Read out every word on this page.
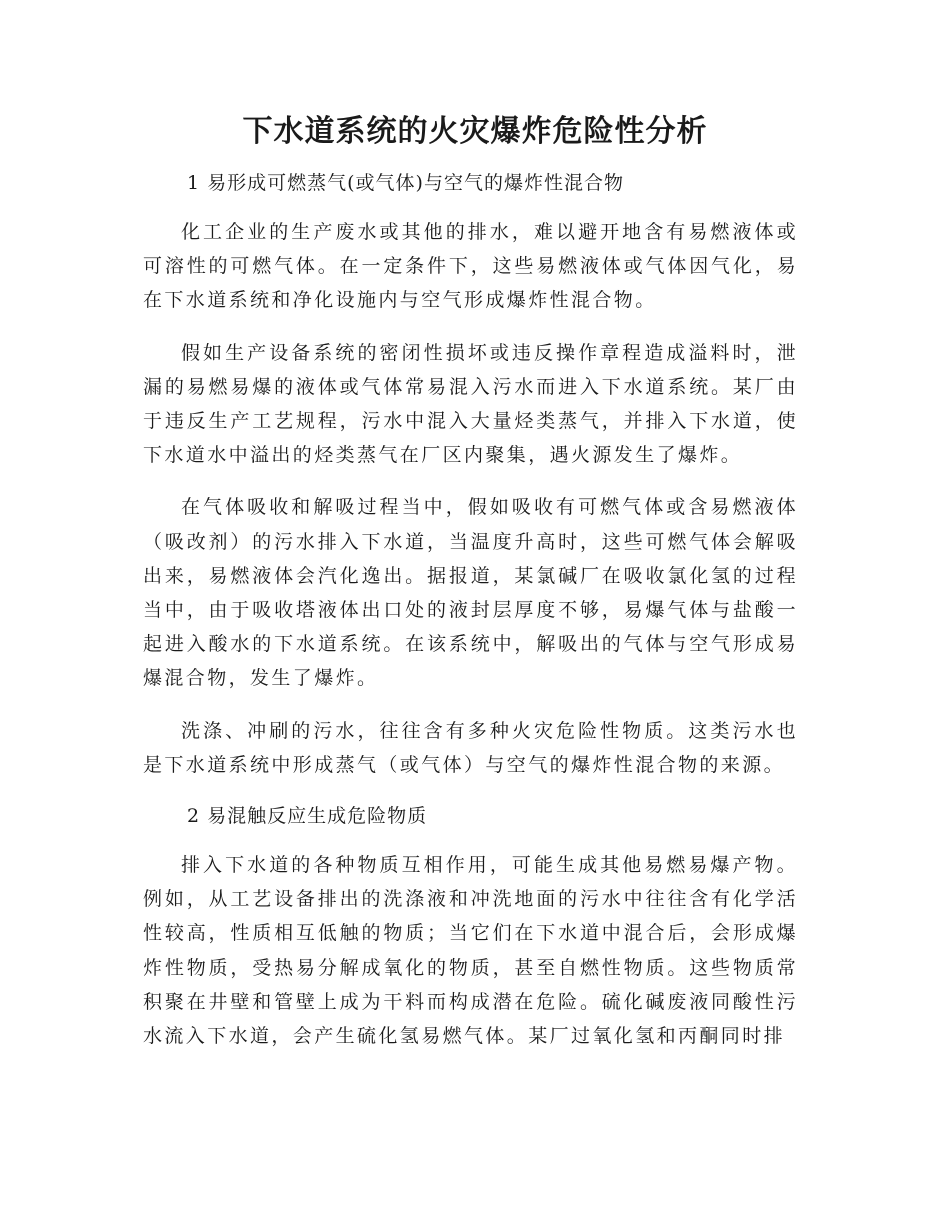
下水道系统的火灾爆炸危险性分析

1 易形成可燃蒸气(或气体)与空气的爆炸性混合物

化工企业的生产废水或其他的排水，难以避开地含有易燃液体或可溶性的可燃气体。在一定条件下，这些易燃液体或气体因气化，易在下水道系统和净化设施内与空气形成爆炸性混合物。

假如生产设备系统的密闭性损坏或违反操作章程造成溢料时，泄漏的易燃易爆的液体或气体常易混入污水而进入下水道系统。某厂由于违反生产工艺规程，污水中混入大量烃类蒸气，并排入下水道，使下水道水中溢出的烃类蒸气在厂区内聚集，遇火源发生了爆炸。

在气体吸收和解吸过程当中，假如吸收有可燃气体或含易燃液体（吸改剂）的污水排入下水道，当温度升高时，这些可燃气体会解吸出来，易燃液体会汽化逸出。据报道，某氯碱厂在吸收氯化氢的过程当中，由于吸收塔液体出口处的液封层厚度不够，易爆气体与盐酸一起进入酸水的下水道系统。在该系统中，解吸出的气体与空气形成易爆混合物，发生了爆炸。

洗涤、冲刷的污水，往往含有多种火灾危险性物质。这类污水也是下水道系统中形成蒸气（或气体）与空气的爆炸性混合物的来源。

2 易混触反应生成危险物质

排入下水道的各种物质互相作用，可能生成其他易燃易爆产物。例如，从工艺设备排出的洗涤液和冲洗地面的污水中往往含有化学活性较高，性质相互低触的物质；当它们在下水道中混合后，会形成爆炸性物质，受热易分解成氧化的物质，甚至自燃性物质。这些物质常积聚在井壁和管壁上成为干料而构成潜在危险。硫化碱废液同酸性污水流入下水道，会产生硫化氢易燃气体。某厂过氧化氢和丙酮同时排
